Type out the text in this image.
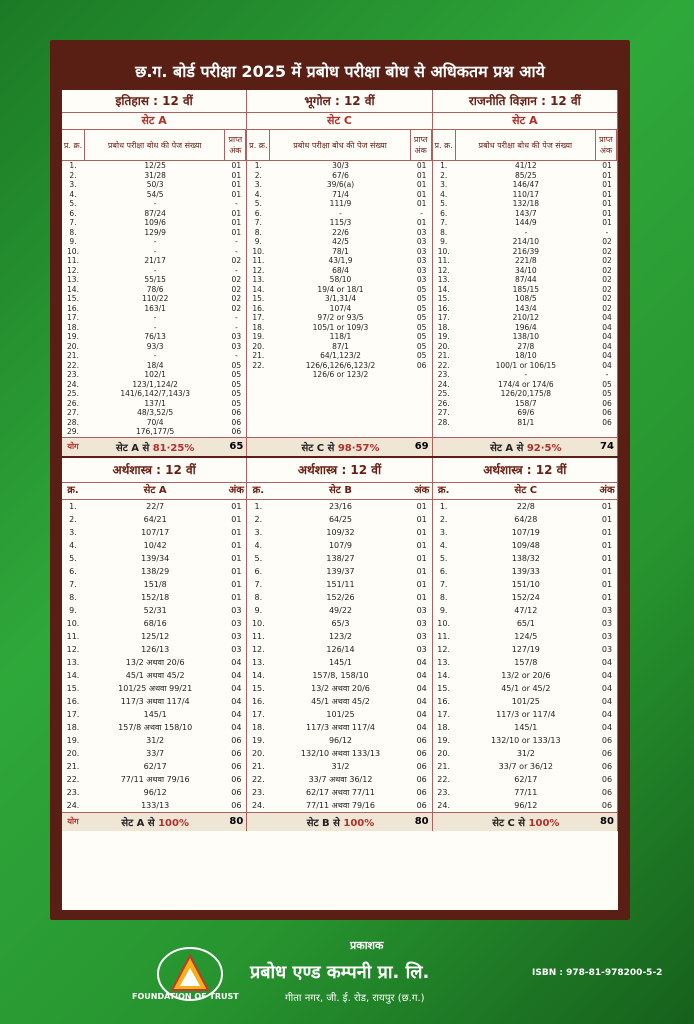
छ.ग. बोर्ड परीक्षा 2025 में प्रबोध परीक्षा बोध से अधिकतम प्रश्न आये
इतिहास : 12 वीं	भूगोल : 12 वीं	राजनीति विज्ञान : 12 वीं
सेट A	सेट C	सेट A
प्र. क्र.	प्रबोध परीक्षा बोध की पेज संख्या
प्राप्त अंक
प्र. क्र.	प्रबोध परीक्षा बोध की पेज संख्या
प्राप्त अंक
प्र. क्र.	प्रबोध परीक्षा बोध की पेज संख्या
प्राप्त अंक
1.	12/25	01
2.	31/28	01
3.	50/3	01
4.	54/5	01
5.	-	-
6.	87/24	01
7.	109/6	01
8.	129/9	01
9.	-	-
10.	-	-
11.	21/17	02
12.	-	-
13.	55/15	02
14.	78/6	02
15.	110/22	02
16.	163/1	02
17.	-	-
18.	-	-
19.	76/13	03
20.	93/3	03
21.	-	-
22.	18/4	05
23.	102/1	05
24.	123/1,124/2	05
25.	141/6,142/7,143/3	05
26.	137/1	05
27.	48/3,52/5	06
28.	70/4	06
29.	176,177/5	06
1.	30/3	01
2.	67/6	01
3.	39/6(a)	01
4.	71/4	01
5.	111/9	01
6.	-	-
7.	115/3	01
8.	22/6	03
9.	42/5	03
10.	78/1	03
11.	43/1,9	03
12.	68/4	03
13.	58/10	03
14.	19/4 or 18/1	05
15.	3/1,31/4	05
16.	107/4	05
17.	97/2 or 93/5	05
18.	105/1 or 109/3	05
19.	118/1	05
20.	87/1	05
21.	64/1,123/2	05
22.	126/6,126/6,123/2	06
126/6 or 123/2
1.	41/12	01
2.	85/25	01
3.	146/47	01
4.	110/17	01
5.	132/18	01
6.	143/7	01
7.	144/9	01
8.	-	-
9.	214/10	02
10.	216/39	02
11.	221/8	02
12.	34/10	02
13.	87/44	02
14.	185/15	02
15.	108/5	02
16.	143/4	02
17.	210/12	04
18.	196/4	04
19.	138/10	04
20.	27/8	04
21.	18/10	04
22.	100/1 or 106/15	04
23.	-	-
24.	174/4 or 174/6	05
25.	126/20,175/8	05
26.	158/7	06
27.	69/6	06
28.	81/1	06
योग	सेट A से 81·25%	65	सेट C से 98·57%	69	सेट A से 92·5%	74
अर्थशास्त्र : 12 वीं	अर्थशास्त्र : 12 वीं	अर्थशास्त्र : 12 वीं
क्र.	सेट A	अंक क्र.	सेट B	अंक क्र.	सेट C	अंक
1.	22/7	01
2.	64/21	01
3.	107/17	01
4.	10/42	01
5.	139/34	01
6.	138/29	01
7.	151/8	01
8.	152/18	01
9.	52/31	03
10.	68/16	03
11.	125/12	03
12.	126/13	03
13.	13/2 अथवा 20/6	04
14.	45/1 अथवा 45/2	04
15.	101/25 अथवा 99/21	04
16.	117/3 अथवा 117/4	04
17.	145/1	04
18.	157/8 अथवा 158/10	04
19.	31/2	06
20.	33/7	06
21.	62/17	06
22.	77/11 अथवा 79/16	06
23.	96/12	06
24.	133/13	06
1.	23/16	01
2.	64/25	01
3.	109/32	01
4.	107/9	01
5.	138/27	01
6.	139/37	01
7.	151/11	01
8.	152/26	01
9.	49/22	03
10.	65/3	03
11.	123/2	03
12.	126/14	03
13.	145/1	04
14.	157/8, 158/10	04
15.	13/2 अथवा 20/6	04
16.	45/1 अथवा 45/2	04
17.	101/25	04
18.	117/3 अथवा 117/4	04
19.	96/12	06
20.	132/10 अथवा 133/13	06
21.	31/2	06
22.	33/7 अथवा 36/12	06
23.	62/17 अथवा 77/11	06
24.	77/11 अथवा 79/16	06
1.	22/8	01
2.	64/28	01
3.	107/19	01
4.	109/48	01
5.	138/32	01
6.	139/33	01
7.	151/10	01
8.	152/24	01
9.	47/12	03
10.	65/1	03
11.	124/5	03
12.	127/19	03
13.	157/8	04
14.	13/2 or 20/6	04
15.	45/1 or 45/2	04
16.	101/25	04
17.	117/3 or 117/4	04
18.	145/1	04
19.	132/10 or 133/13	06
20.	31/2	06
21.	33/7 or 36/12	06
22.	62/17	06
23.	77/11	06
24.	96/12	06
योग	सेट A से 100%	80	सेट B से 100%	80	सेट C से 100%	80
FOUNDATION OF TRUST
प्रकाशक
प्रबोध एण्ड कम्पनी प्रा. लि.
गीता नगर, जी. ई. रोड, रायपुर (छ.ग.)
ISBN : 978-81-978200-5-2
